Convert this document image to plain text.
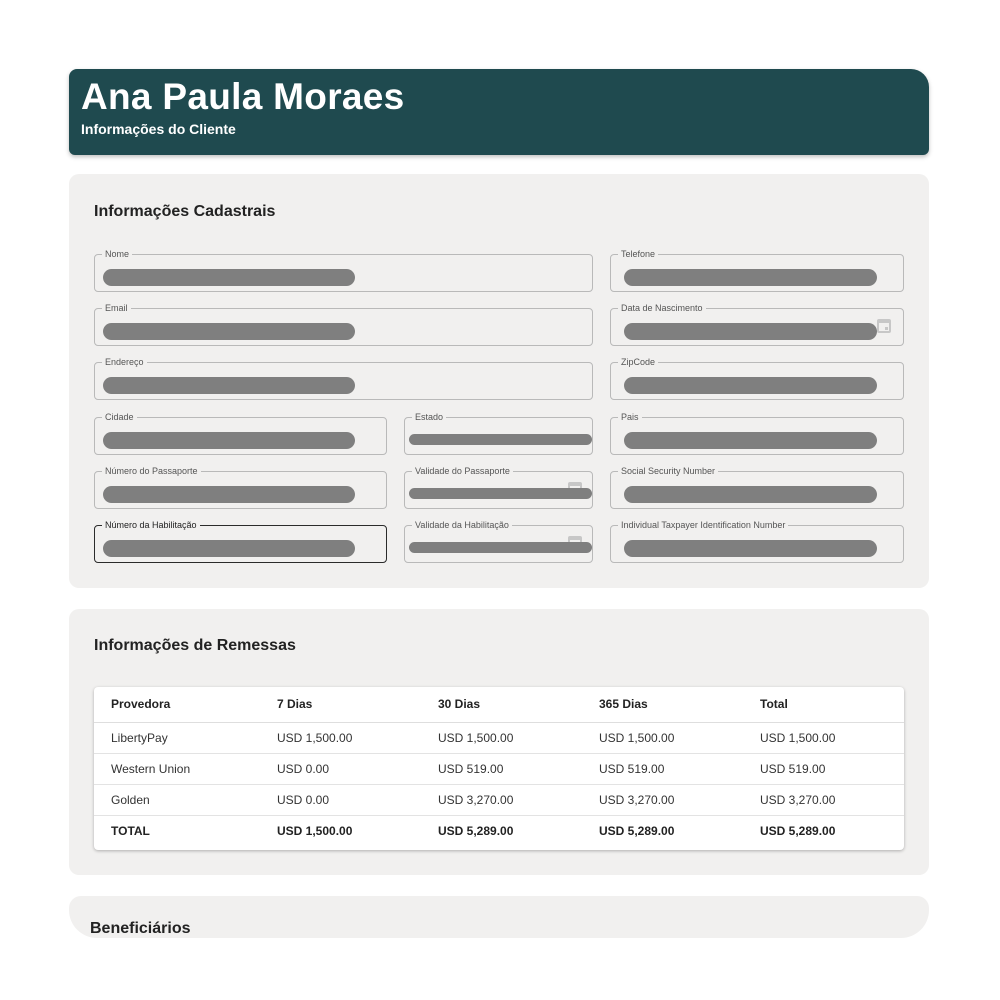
Ana Paula Moraes
Informações do Cliente
Informações Cadastrais
Nome	Telefone
Email	Data de Nascimento
Endereço	ZipCode
Cidade	Estado	Pais
Número do Passaporte	Validade do Passaporte	Social Security Number
Número da Habilitação	Validade da Habilitação	Individual Taxpayer Identification Number
Informações de Remessas
Provedora	7 Dias	30 Dias	365 Dias	Total
LibertyPay	USD 1,500.00	USD 1,500.00	USD 1,500.00	USD 1,500.00
Western Union	USD 0.00	USD 519.00	USD 519.00	USD 519.00
Golden	USD 0.00	USD 3,270.00	USD 3,270.00	USD 3,270.00
TOTAL	USD 1,500.00	USD 5,289.00	USD 5,289.00	USD 5,289.00
Beneficiários
